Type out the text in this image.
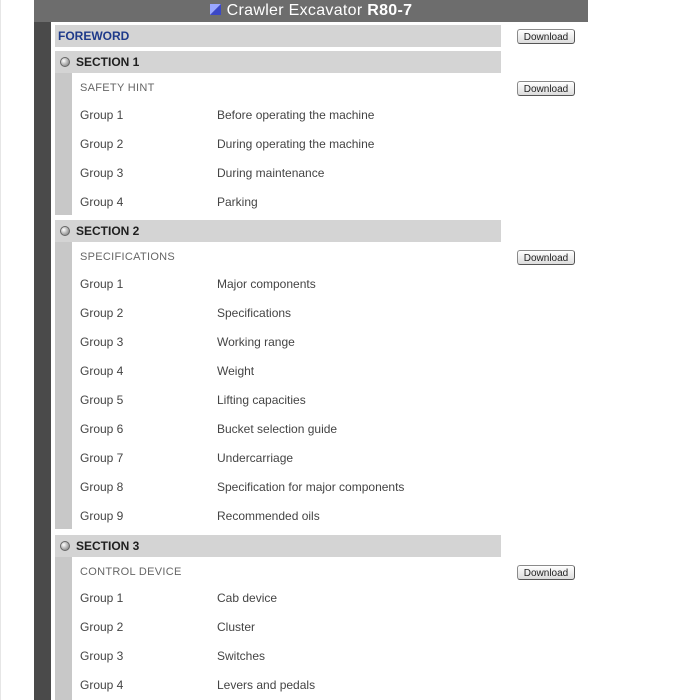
Crawler Excavator R80-7
FOREWORD	Download
SECTION 1
SAFETY HINT	Download
Group 1	Before operating the machine
Group 2	During operating the machine
Group 3	During maintenance
Group 4	Parking
SECTION 2
SPECIFICATIONS	Download
Group 1	Major components
Group 2	Specifications
Group 3	Working range
Group 4	Weight
Group 5	Lifting capacities
Group 6	Bucket selection guide
Group 7	Undercarriage
Group 8	Specification for major components
Group 9	Recommended oils
SECTION 3
CONTROL DEVICE	Download
Group 1	Cab device
Group 2	Cluster
Group 3	Switches
Group 4	Levers and pedals
